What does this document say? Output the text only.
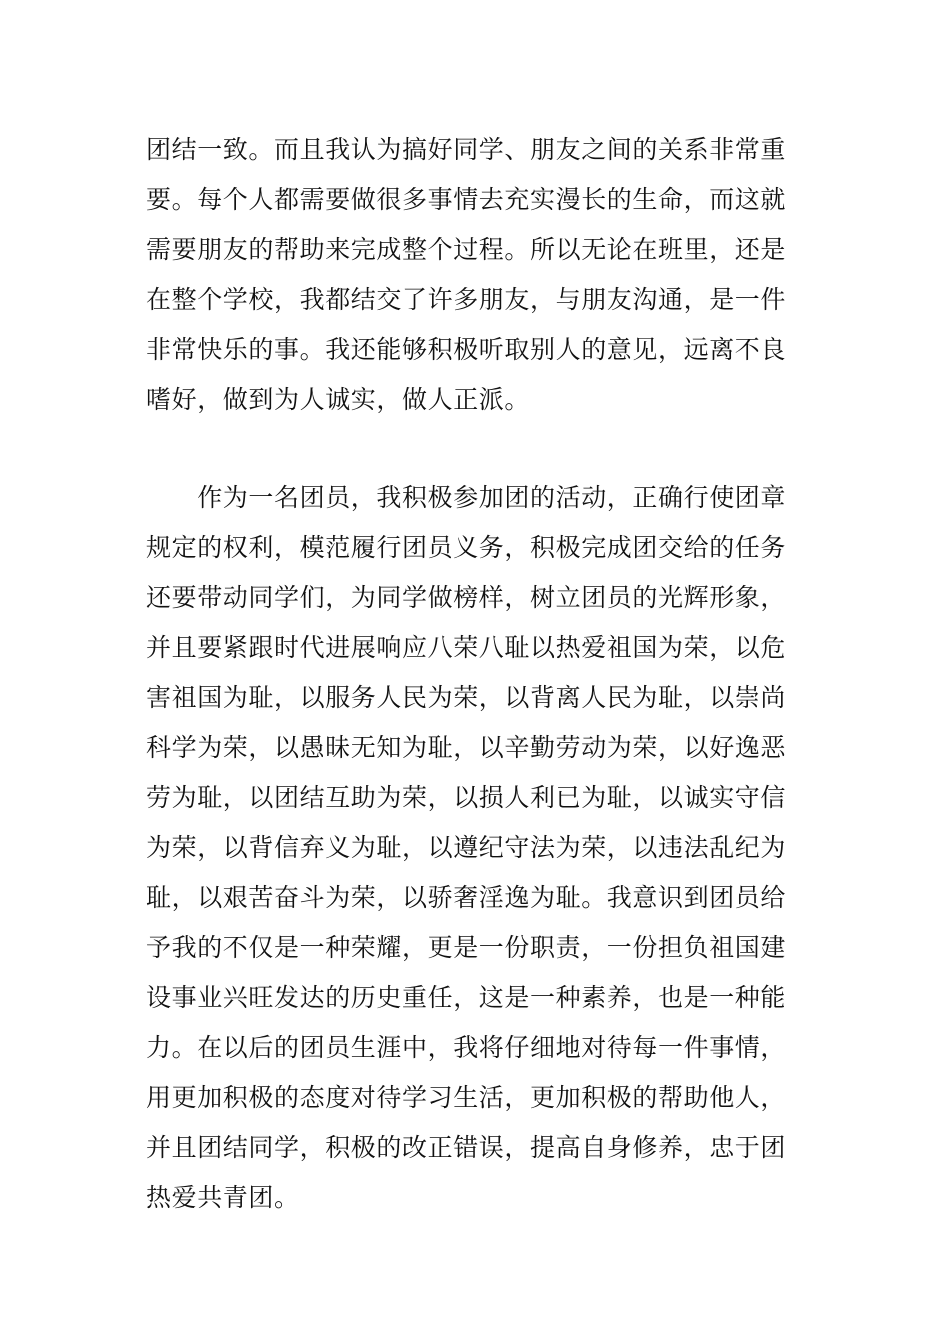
团结一致。而且我认为搞好同学、朋友之间的关系非常重
要。每个人都需要做很多事情去充实漫长的生命，而这就
需要朋友的帮助来完成整个过程。所以无论在班里，还是
在整个学校，我都结交了许多朋友，与朋友沟通，是一件
非常快乐的事。我还能够积极听取别人的意见，远离不良
嗜好，做到为人诚实，做人正派。
　　作为一名团员，我积极参加团的活动，正确行使团章
规定的权利，模范履行团员义务，积极完成团交给的任务
还要带动同学们，为同学做榜样，树立团员的光辉形象，
并且要紧跟时代进展响应八荣八耻以热爱祖国为荣，以危
害祖国为耻，以服务人民为荣，以背离人民为耻，以崇尚
科学为荣，以愚昧无知为耻，以辛勤劳动为荣，以好逸恶
劳为耻，以团结互助为荣，以损人利已为耻，以诚实守信
为荣，以背信弃义为耻，以遵纪守法为荣，以违法乱纪为
耻，以艰苦奋斗为荣，以骄奢淫逸为耻。我意识到团员给
予我的不仅是一种荣耀，更是一份职责，一份担负祖国建
设事业兴旺发达的历史重任，这是一种素养，也是一种能
力。在以后的团员生涯中，我将仔细地对待每一件事情，
用更加积极的态度对待学习生活，更加积极的帮助他人，
并且团结同学，积极的改正错误，提高自身修养，忠于团
热爱共青团。
